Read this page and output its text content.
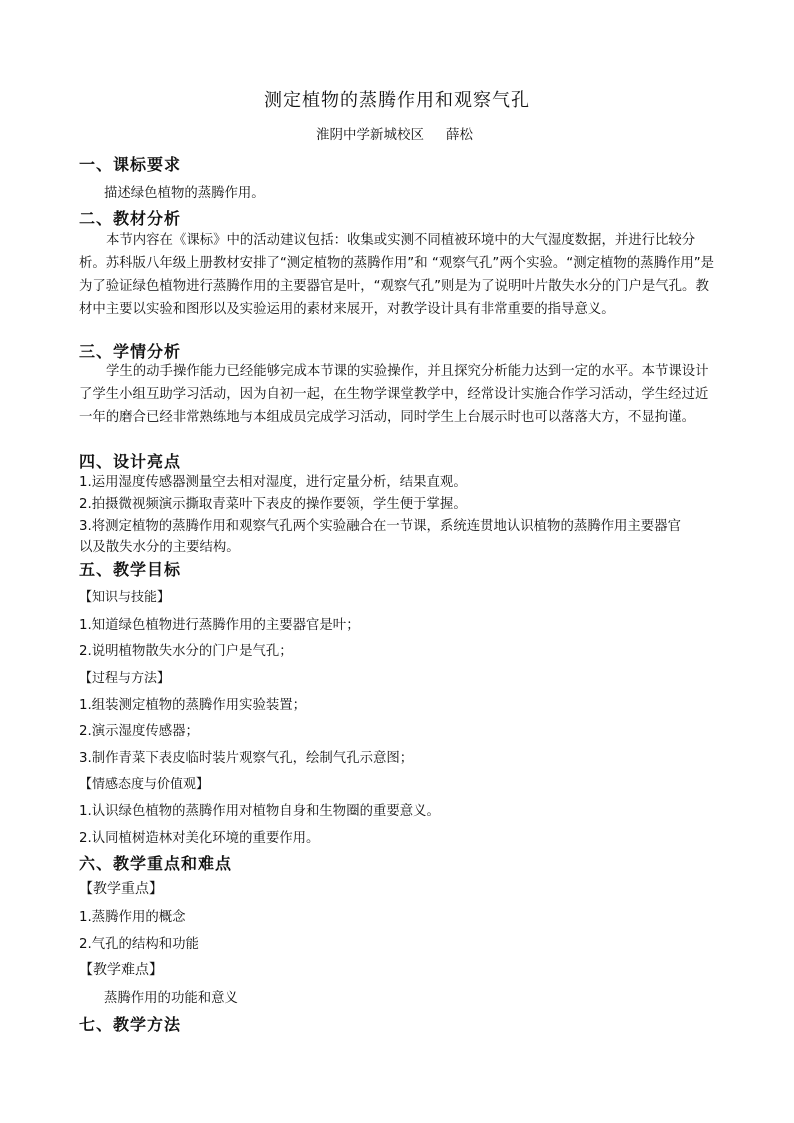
测定植物的蒸腾作用和观察气孔
淮阴中学新城校区 薛松
一、课标要求
描述绿色植物的蒸腾作用。
二、教材分析
本节内容在《课标》中的活动建议包括：收集或实测不同植被环境中的大气湿度数据，并进行比较分析。苏科版八年级上册教材安排了“测定植物的蒸腾作用”和 “观察气孔”两个实验。“测定植物的蒸腾作用”是为了验证绿色植物进行蒸腾作用的主要器官是叶，“观察气孔”则是为了说明叶片散失水分的门户是气孔。教材中主要以实验和图形以及实验运用的素材来展开，对教学设计具有非常重要的指导意义。
三、学情分析
学生的动手操作能力已经能够完成本节课的实验操作，并且探究分析能力达到一定的水平。本节课设计了学生小组互助学习活动，因为自初一起，在生物学课堂教学中，经常设计实施合作学习活动，学生经过近一年的磨合已经非常熟练地与本组成员完成学习活动，同时学生上台展示时也可以落落大方，不显拘谨。
四、设计亮点
1.运用湿度传感器测量空去相对湿度，进行定量分析，结果直观。
2.拍摄微视频演示撕取青菜叶下表皮的操作要领，学生便于掌握。
3.将测定植物的蒸腾作用和观察气孔两个实验融合在一节课，系统连贯地认识植物的蒸腾作用主要器官
以及散失水分的主要结构。
五、教学目标
【知识与技能】
1.知道绿色植物进行蒸腾作用的主要器官是叶；
2.说明植物散失水分的门户是气孔；
【过程与方法】
1.组装测定植物的蒸腾作用实验装置；
2.演示湿度传感器；
3.制作青菜下表皮临时装片观察气孔，绘制气孔示意图；
【情感态度与价值观】
1.认识绿色植物的蒸腾作用对植物自身和生物圈的重要意义。
2.认同植树造林对美化环境的重要作用。
六、教学重点和难点
【教学重点】
1.蒸腾作用的概念
2.气孔的结构和功能
【教学难点】
蒸腾作用的功能和意义
七、教学方法
